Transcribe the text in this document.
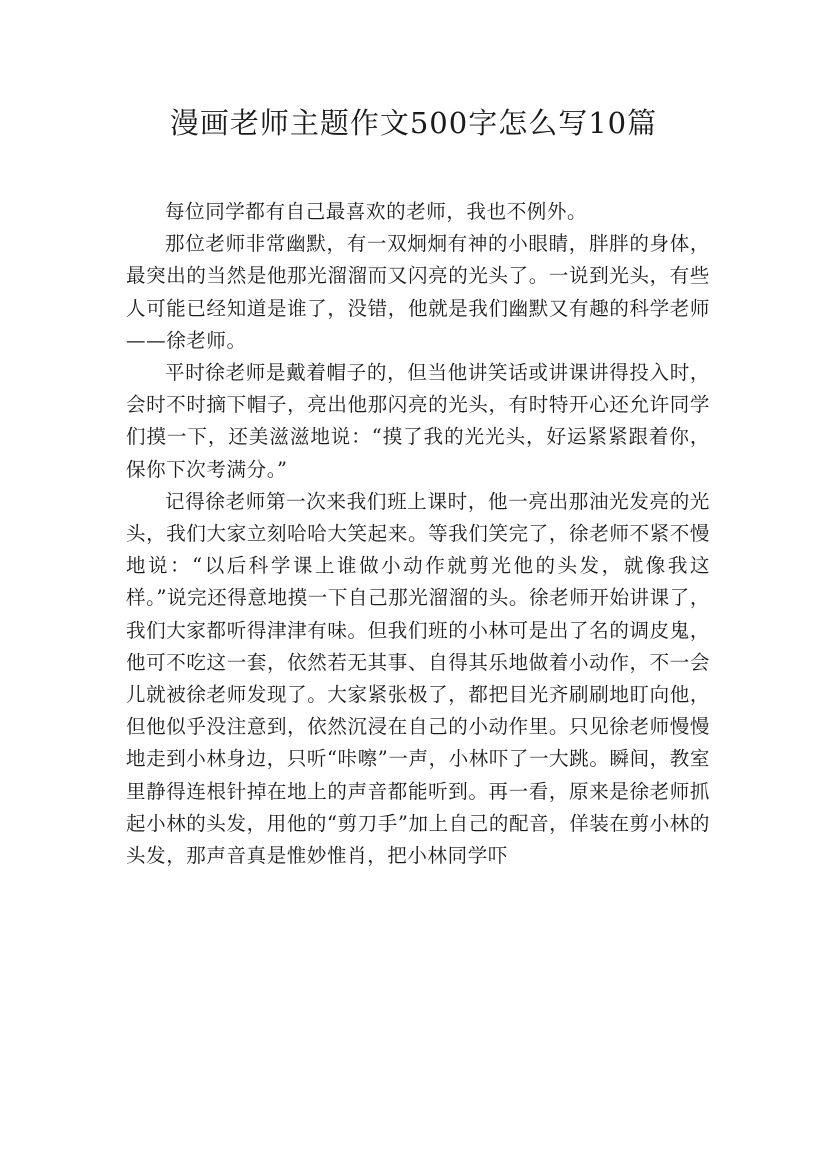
漫画老师主题作文500字怎么写10篇

每位同学都有自己最喜欢的老师，我也不例外。

那位老师非常幽默，有一双炯炯有神的小眼睛，胖胖的身体，最突出的当然是他那光溜溜而又闪亮的光头了。一说到光头，有些人可能已经知道是谁了，没错，他就是我们幽默又有趣的科学老师——徐老师。

平时徐老师是戴着帽子的，但当他讲笑话或讲课讲得投入时，会时不时摘下帽子，亮出他那闪亮的光头，有时特开心还允许同学们摸一下，还美滋滋地说：“摸了我的光光头，好运紧紧跟着你，保你下次考满分。”

记得徐老师第一次来我们班上课时，他一亮出那油光发亮的光头，我们大家立刻哈哈大笑起来。等我们笑完了，徐老师不紧不慢地说：“以后科学课上谁做小动作就剪光他的头发，就像我这样。”说完还得意地摸一下自己那光溜溜的头。徐老师开始讲课了，我们大家都听得津津有味。但我们班的小林可是出了名的调皮鬼，他可不吃这一套，依然若无其事、自得其乐地做着小动作，不一会儿就被徐老师发现了。大家紧张极了，都把目光齐刷刷地盯向他，但他似乎没注意到，依然沉浸在自己的小动作里。只见徐老师慢慢地走到小林身边，只听“咔嚓”一声，小林吓了一大跳。瞬间，教室里静得连根针掉在地上的声音都能听到。再一看，原来是徐老师抓起小林的头发，用他的“剪刀手”加上自己的配音，佯装在剪小林的头发，那声音真是惟妙惟肖，把小林同学吓
